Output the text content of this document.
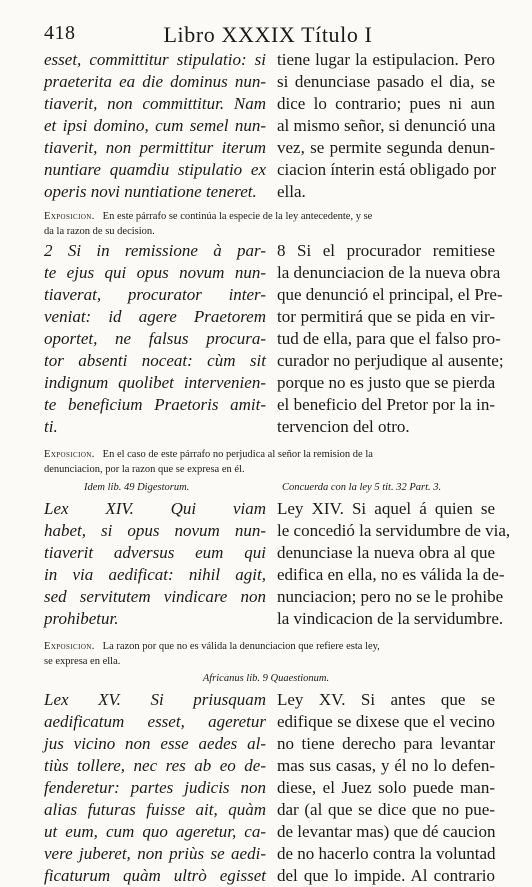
418	Libro XXXIX Título I
esset, committitur stipulatio: si
praeterita ea die dominus nun-
tiaverit, non committitur. Nam
et ipsi domino, cum semel nun-
tiaverit, non permittitur iterum
nuntiare quamdiu stipulatio ex
operis novi nuntiatione teneret.
tiene lugar la estipulacion. Pero
si denunciase pasado el dia, se
dice lo contrario; pues ni aun
al mismo señor, si denunció una
vez, se permite segunda denun-
ciacion ínterin está obligado por
ella.
Exposicion. En este párrafo se continúa la especie de la ley antecedente, y se
da la razon de su decision.
2 Si in remissione à par-
te ejus qui opus novum nun-
tiaverat, procurator inter-
veniat: id agere Praetorem
oportet, ne falsus procura-
tor absenti noceat: cùm sit
indignum quolibet intervenien-
te beneficium Praetoris amit-
ti.
8 Si el procurador remitiese
la denunciacion de la nueva obra
que denunció el principal, el Pre-
tor permitirá que se pida en vir-
tud de ella, para que el falso pro-
curador no perjudique al ausente;
porque no es justo que se pierda
el beneficio del Pretor por la in-
tervencion del otro.
Exposicion. En el caso de este párrafo no perjudica al señor la remision de la
denunciacion, por la razon que se expresa en él.
Idem lib. 49 Digestorum.	Concuerda con la ley 5 tit. 32 Part. 3.
Lex XIV. Qui viam
habet, si opus novum nun-
tiaverit adversus eum qui
in via aedificat: nihil agit,
sed servitutem vindicare non
prohibetur.
Ley XIV. Si aquel á quien se
le concedió la servidumbre de via,
denunciase la nueva obra al que
edifica en ella, no es válida la de-
nunciacion; pero no se le prohibe
la vindicacion de la servidumbre.
Exposicion. La razon por que no es válida la denunciacion que refiere esta ley,
se expresa en ella.
Africanus lib. 9 Quaestionum.
Lex XV. Si priusquam
aedificatum esset, ageretur
jus vicino non esse aedes al-
tiùs tollere, nec res ab eo de-
fenderetur: partes judicis non
alias futuras fuisse ait, quàm
ut eum, cum quo ageretur, ca-
vere juberet, non priùs se aedi-
ficaturum quàm ultrò egisset
Ley XV. Si antes que se
edifique se dixese que el vecino
no tiene derecho para levantar
mas sus casas, y él no lo defen-
diese, el Juez solo puede man-
dar (al que se dice que no pue-
de levantar mas) que dé caucion
de no hacerlo contra la voluntad
del que lo impide. Al contrario
